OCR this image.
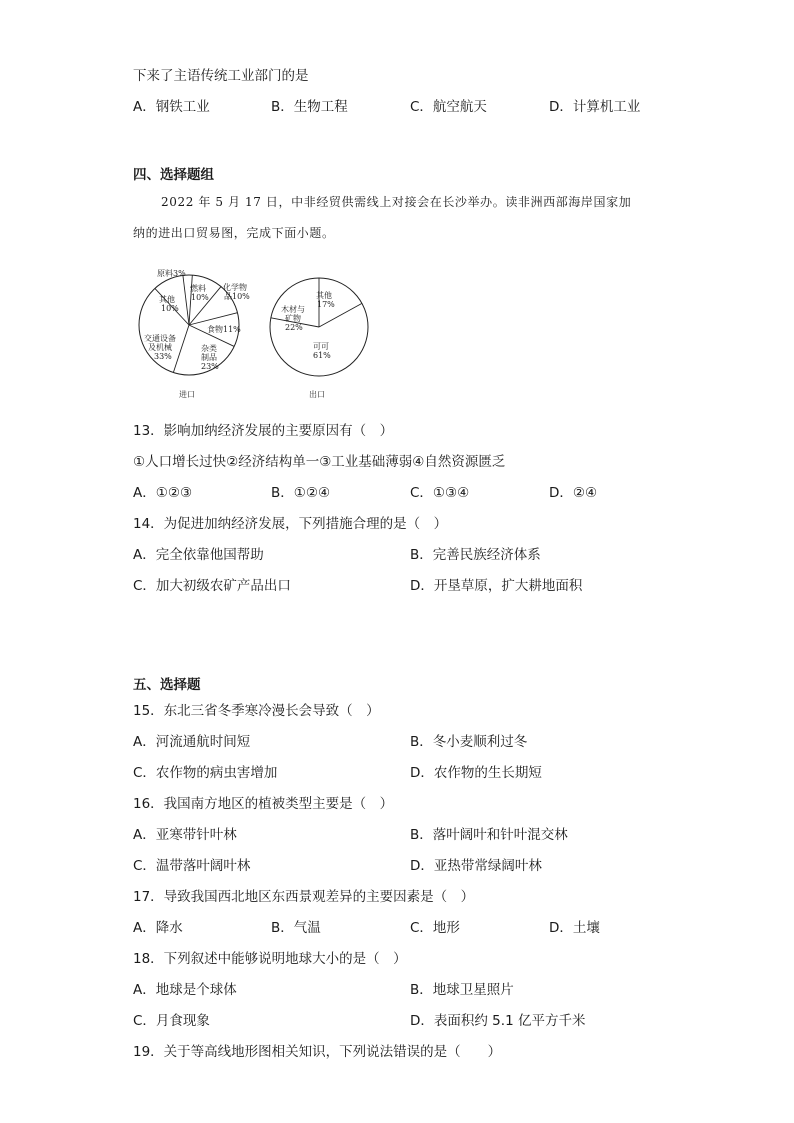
下来了主语传统工业部门的是
A．钢铁工业	B．生物工程	C．航空航天	D．计算机工业
四、选择题组
2022 年 5 月 17 日，中非经贸供需线上对接会在长沙举办。读非洲西部海岸国家加
纳的进出口贸易图，完成下面小题。
原料3%
燃料
10%
化学物
品10%
食物11%
杂类
制品
23%
交通设备
及机械
33%
其他
10%
进口
其他
17%
木材与
矿物
22%
可可
61%
出口
13．影响加纳经济发展的主要原因有（　）
①人口增长过快②经济结构单一③工业基础薄弱④自然资源匮乏
A．①②③	B．①②④	C．①③④	D．②④
14．为促进加纳经济发展，下列措施合理的是（　）
A．完全依靠他国帮助	B．完善民族经济体系
C．加大初级农矿产品出口	D．开垦草原，扩大耕地面积
五、选择题
15．东北三省冬季寒冷漫长会导致（　）
A．河流通航时间短	B．冬小麦顺利过冬
C．农作物的病虫害增加	D．农作物的生长期短
16．我国南方地区的植被类型主要是（　）
A．亚寒带针叶林	B．落叶阔叶和针叶混交林
C．温带落叶阔叶林	D．亚热带常绿阔叶林
17．导致我国西北地区东西景观差异的主要因素是（　）
A．降水	B．气温	C．地形	D．土壤
18．下列叙述中能够说明地球大小的是（　）
A．地球是个球体	B．地球卫星照片
C．月食现象	D．表面积约 5.1 亿平方千米
19．关于等高线地形图相关知识，下列说法错误的是（　　）
